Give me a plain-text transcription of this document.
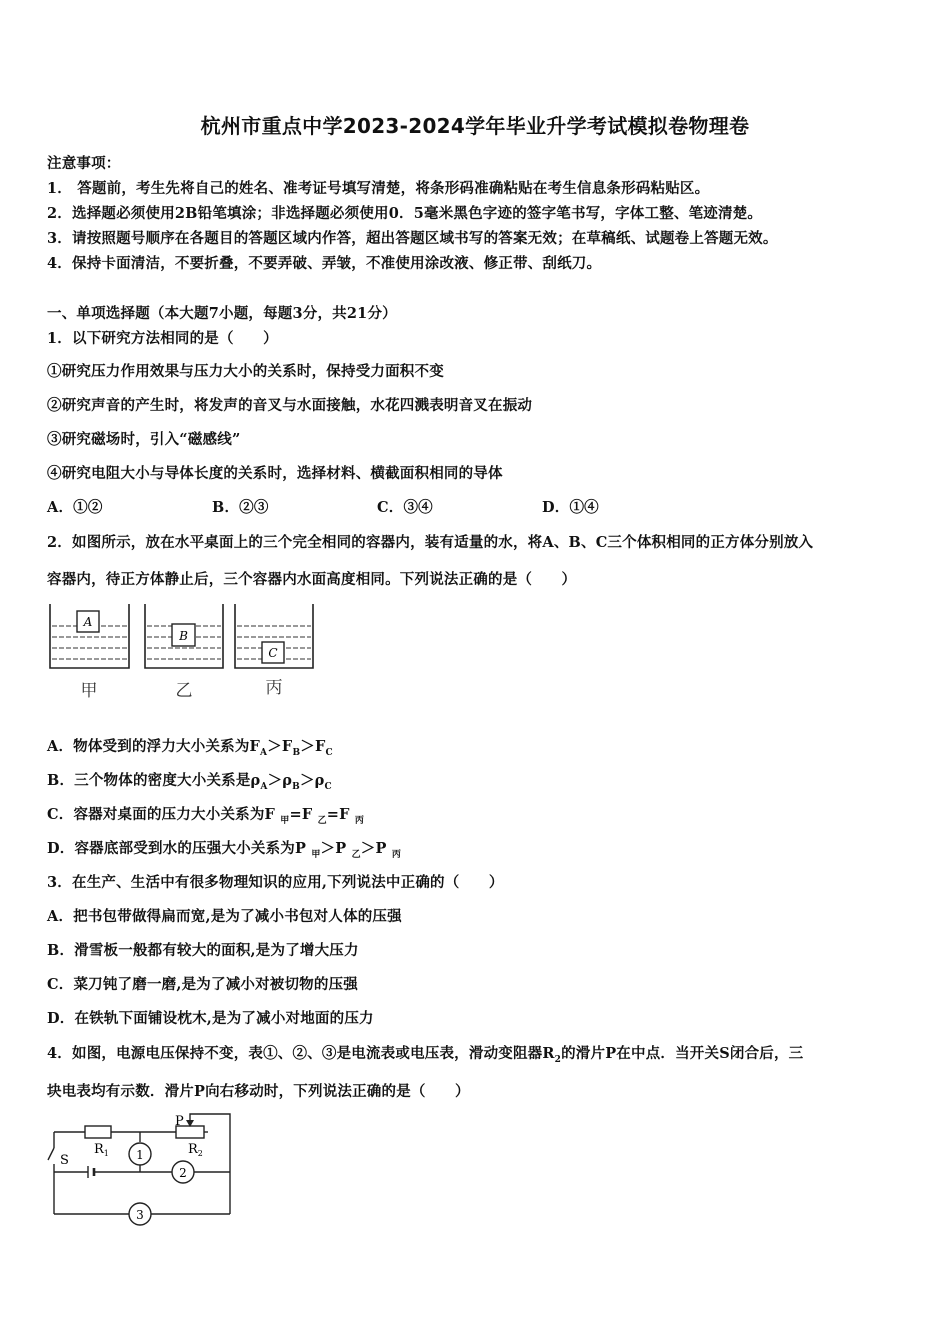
杭州市重点中学2023-2024学年毕业升学考试模拟卷物理卷
注意事项：
1． 答题前，考生先将自己的姓名、准考证号填写清楚，将条形码准确粘贴在考生信息条形码粘贴区。
2．选择题必须使用2B铅笔填涂；非选择题必须使用0．5毫米黑色字迹的签字笔书写，字体工整、笔迹清楚。
3．请按照题号顺序在各题目的答题区域内作答，超出答题区域书写的答案无效；在草稿纸、试题卷上答题无效。
4．保持卡面清洁，不要折叠，不要弄破、弄皱，不准使用涂改液、修正带、刮纸刀。
一、单项选择题（本大题7小题，每题3分，共21分）
1．以下研究方法相同的是（　　）
①研究压力作用效果与压力大小的关系时，保持受力面积不变
②研究声音的产生时，将发声的音叉与水面接触，水花四溅表明音叉在振动
③研究磁场时，引入“磁感线”
④研究电阻大小与导体长度的关系时，选择材料、横截面积相同的导体
A．①②	B．②③	C．③④	D．①④
2．如图所示，放在水平桌面上的三个完全相同的容器内，装有适量的水，将A、B、C三个体积相同的正方体分别放入
容器内，待正方体静止后，三个容器内水面高度相同。下列说法正确的是（　　）
A
甲
B
乙
C
丙
A．物体受到的浮力大小关系为$F_A>F_B>F_C$
B．三个物体的密度大小关系是$\rho_A>\rho_B>\rho_C$
C．容器对桌面的压力大小关系为F $_甲$=F $_乙$=F $_丙$
D．容器底部受到水的压强大小关系为P $_甲$＞P $_乙$＞P $_丙$
3．在生产、生活中有很多物理知识的应用,下列说法中正确的（　　）
A．把书包带做得扁而宽,是为了减小书包对人体的压强
B．滑雪板一般都有较大的面积,是为了增大压力
C．菜刀钝了磨一磨,是为了减小对被切物的压强
D．在铁轨下面铺设枕木,是为了减小对地面的压力
4．如图，电源电压保持不变，表①、②、③是电流表或电压表，滑动变阻器$R_2$的滑片P在中点．当开关S闭合后，三
块电表均有示数．滑片P向右移动时，下列说法正确的是（　　）
P
$R_1$	$R_2$
1
S
2
3
